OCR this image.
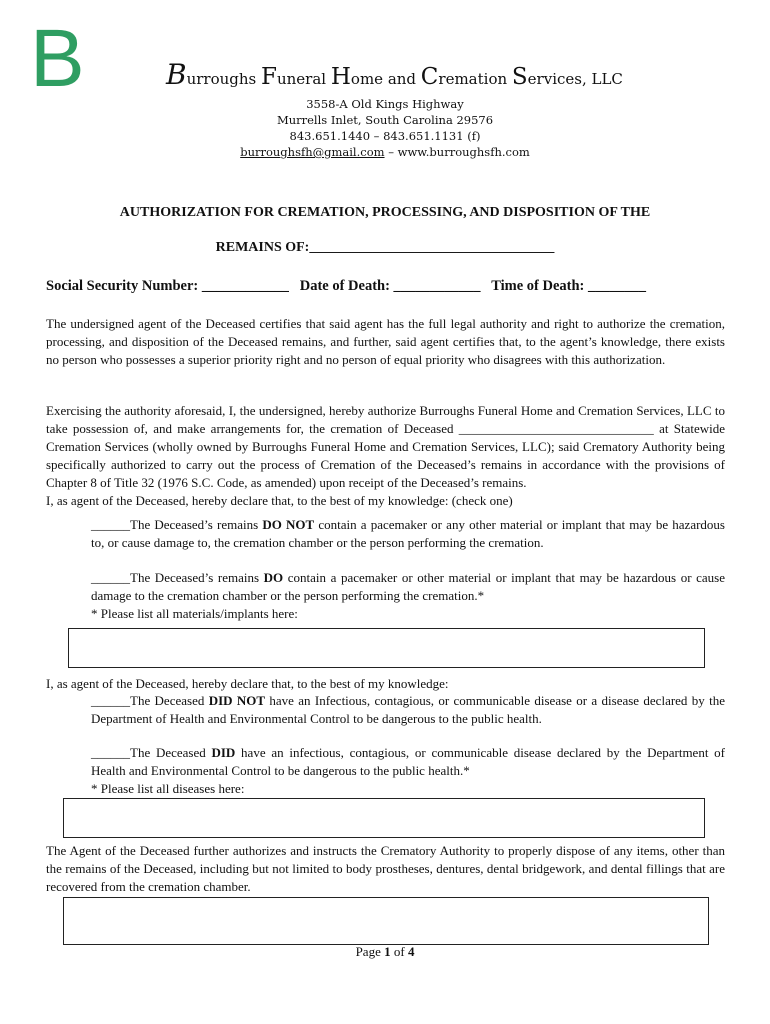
B	Burroughs Funeral Home and Cremation Services, LLC
3558-A Old Kings Highway
Murrells Inlet, South Carolina 29576
843.651.1440 – 843.651.1131 (f)
burroughsfh@gmail.com – www.burroughsfh.com
AUTHORIZATION FOR CREMATION, PROCESSING, AND DISPOSITION OF THE
REMAINS OF:___________________________________
Social Security Number: ____________ Date of Death: ____________ Time of Death: ________
The undersigned agent of the Deceased certifies that said agent has the full legal authority and right to authorize the cremation, processing, and disposition of the Deceased remains, and further, said agent certifies that, to the agent’s knowledge, there exists no person who possesses a superior priority right and no person of equal priority who disagrees with this authorization.
Exercising the authority aforesaid, I, the undersigned, hereby authorize Burroughs Funeral Home and Cremation Services, LLC to take possession of, and make arrangements for, the cremation of Deceased ______________________________ at Statewide Cremation Services (wholly owned by Burroughs Funeral Home and Cremation Services, LLC); said Crematory Authority being specifically authorized to carry out the process of Cremation of the Deceased’s remains in accordance with the provisions of Chapter 8 of Title 32 (1976 S.C. Code, as amended) upon receipt of the Deceased’s remains.
I, as agent of the Deceased, hereby declare that, to the best of my knowledge: (check one)
______The Deceased’s remains DO NOT contain a pacemaker or any other material or implant that may be hazardous to, or cause damage to, the cremation chamber or the person performing the cremation.
______The Deceased’s remains DO contain a pacemaker or other material or implant that may be hazardous or cause damage to the cremation chamber or the person performing the cremation.*
* Please list all materials/implants here:
I, as agent of the Deceased, hereby declare that, to the best of my knowledge:
______The Deceased DID NOT have an Infectious, contagious, or communicable disease or a disease declared by the Department of Health and Environmental Control to be dangerous to the public health.
______The Deceased DID have an infectious, contagious, or communicable disease declared by the Department of Health and Environmental Control to be dangerous to the public health.*
* Please list all diseases here:
The Agent of the Deceased further authorizes and instructs the Crematory Authority to properly dispose of any items, other than the remains of the Deceased, including but not limited to body prostheses, dentures, dental bridgework, and dental fillings that are recovered from the cremation chamber.
Page 1 of 4
